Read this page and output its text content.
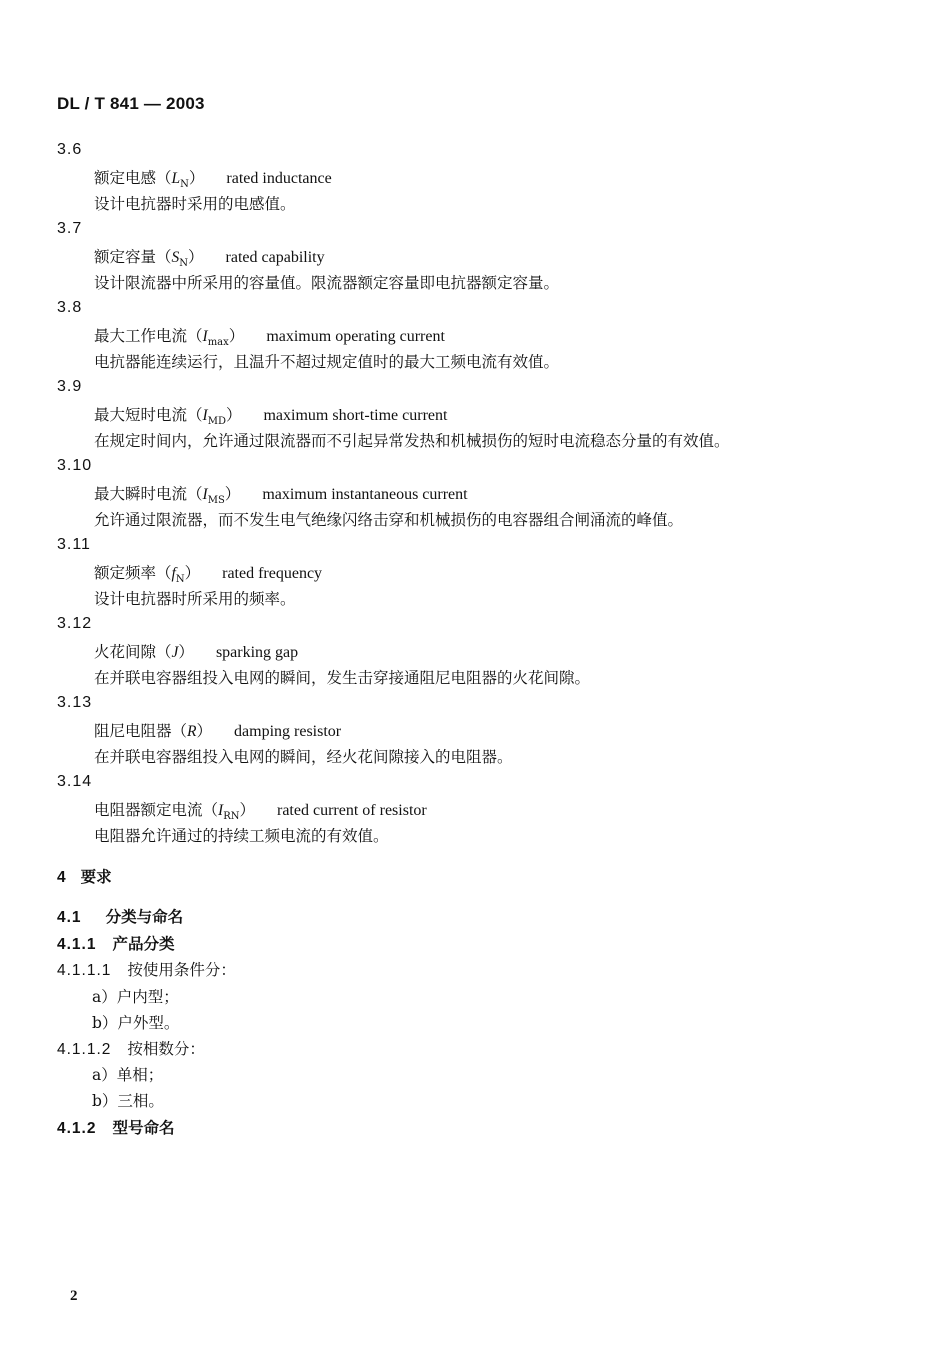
DL / T 841 — 2003
3.6
额定电感$(L_N)$ rated inductance
设计电抗器时采用的电感值。
3.7
额定容量$(S_N)$ rated capability
设计限流器中所采用的容量值。限流器额定容量即电抗器额定容量。
3.8
最大工作电流$(I_{max})$ maximum operating current
电抗器能连续运行，且温升不超过规定值时的最大工频电流有效值。
3.9
最大短时电流$(I_{MD})$ maximum short-time current
在规定时间内，允许通过限流器而不引起异常发热和机械损伤的短时电流稳态分量的有效值。
3.10
最大瞬时电流$(I_{MS})$ maximum instantaneous current
允许通过限流器，而不发生电气绝缘闪络击穿和机械损伤的电容器组合闸涌流的峰值。
3.11
额定频率$(f_N)$ rated frequency
设计电抗器时所采用的频率。
3.12
火花间隙（J） sparking gap
在并联电容器组投入电网的瞬间，发生击穿接通阻尼电阻器的火花间隙。
3.13
阻尼电阻器（R） damping resistor
在并联电容器组投入电网的瞬间，经火花间隙接入的电阻器。
3.14
电阻器额定电流$(I_{RN})$ rated current of resistor
电阻器允许通过的持续工频电流的有效值。
4 要求
4.1 分类与命名
4.1.1 产品分类
4.1.1.1 按使用条件分：
a）户内型；
b）户外型。
4.1.1.2 按相数分：
a）单相；
b）三相。
4.1.2 型号命名
2
